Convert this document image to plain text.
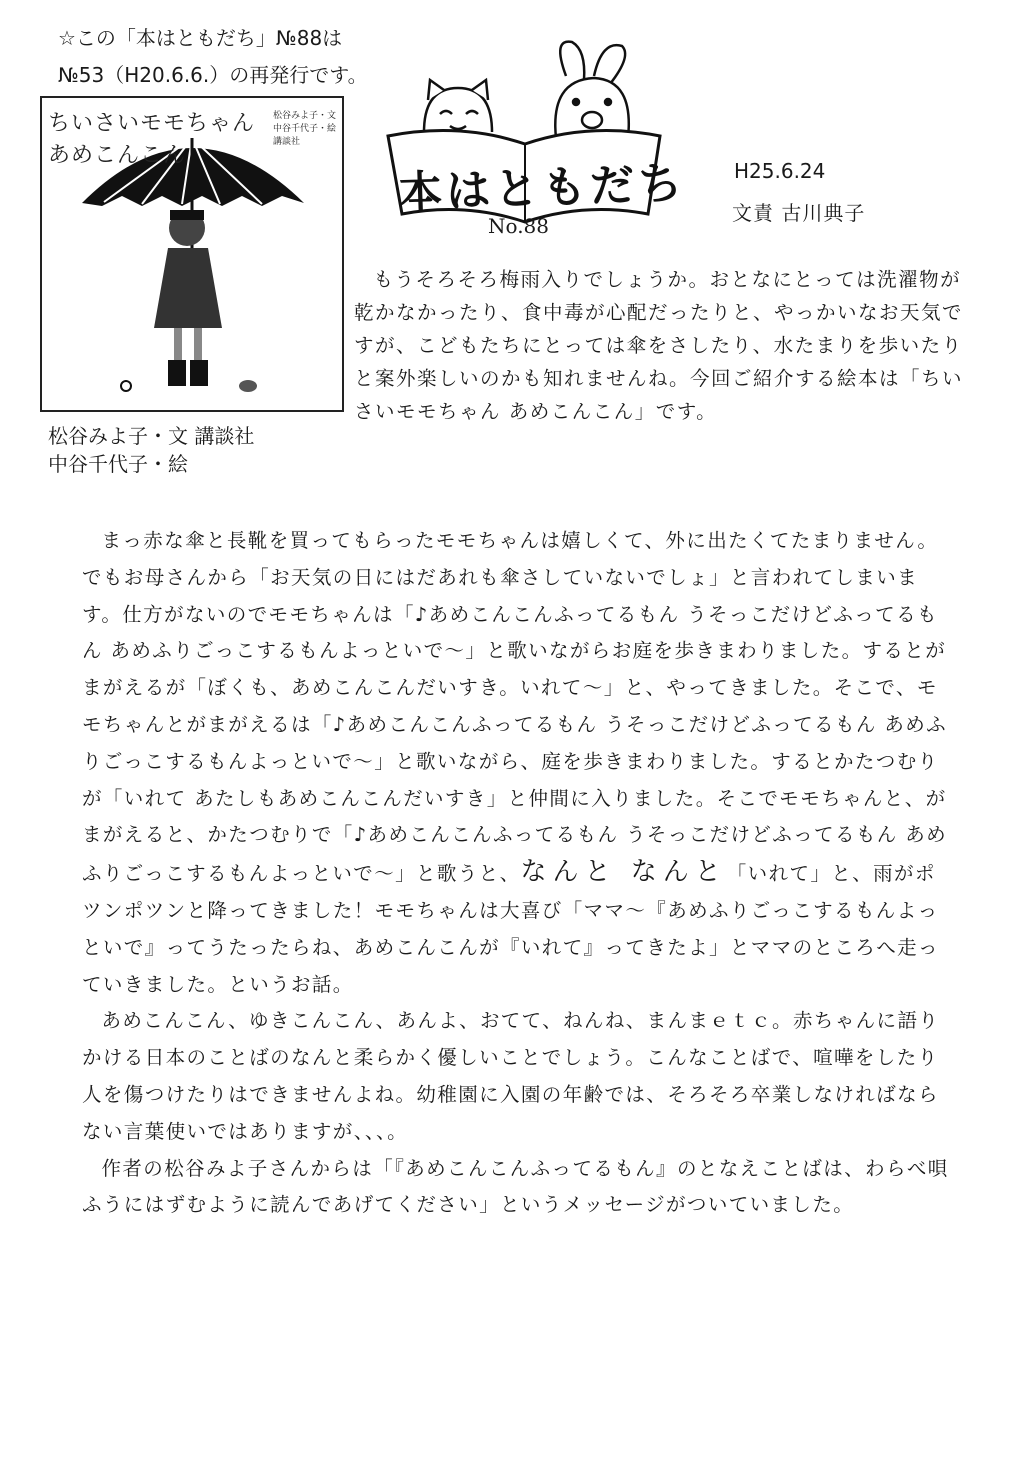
☆この「本はともだち」№88は

№53（H20.6.6.）の再発行です。

ちいさいモモちゃん
あめこんこん
松谷みよ子・文
中谷千代子・絵
講談社
松谷みよ子・文 講談社
中谷千代子・絵
本はともだち
No.88
H25.6.24
文責 古川典子

もうそろそろ梅雨入りでしょうか。おとなにとっては洗濯物が乾かなかったり、食中毒が心配だったりと、やっかいなお天気ですが、こどもたちにとっては傘をさしたり、水たまりを歩いたりと案外楽しいのかも知れませんね。今回ご紹介する絵本は「ちいさいモモちゃん あめこんこん」です。

まっ赤な傘と長靴を買ってもらったモモちゃんは嬉しくて、外に出たくてたまりません。でもお母さんから「お天気の日にはだあれも傘さしていないでしょ」と言われてしまいます。仕方がないのでモモちゃんは「♪あめこんこんふってるもん うそっこだけどふってるもん あめふりごっこするもんよっといで～」と歌いながらお庭を歩きまわりました。するとがまがえるが「ぼくも、あめこんこんだいすき。いれて～」と、やってきました。そこで、モモちゃんとがまがえるは「♪あめこんこんふってるもん うそっこだけどふってるもん あめふりごっこするもんよっといで～」と歌いながら、庭を歩きまわりました。するとかたつむりが「いれて あたしもあめこんこんだいすき」と仲間に入りました。そこでモモちゃんと、がまがえると、かたつむりで「♪あめこんこんふってるもん うそっこだけどふってるもん あめふりごっこするもんよっといで～」と歌うと、なんと なんと「いれて」と、雨がポツンポツンと降ってきました！モモちゃんは大喜び「ママ～『あめふりごっこするもんよっといで』ってうたったらね、あめこんこんが『いれて』ってきたよ」とママのところへ走っていきました。というお話。

あめこんこん、ゆきこんこん、あんよ、おてて、ねんね、まんまｅｔｃ。赤ちゃんに語りかける日本のことばのなんと柔らかく優しいことでしょう。こんなことばで、喧嘩をしたり人を傷つけたりはできませんよね。幼稚園に入園の年齢では、そろそろ卒業しなければならない言葉使いではありますが、、、。

作者の松谷みよ子さんからは「『あめこんこんふってるもん』のとなえことばは、わらべ唄ふうにはずむように読んであげてください」というメッセージがついていました。
